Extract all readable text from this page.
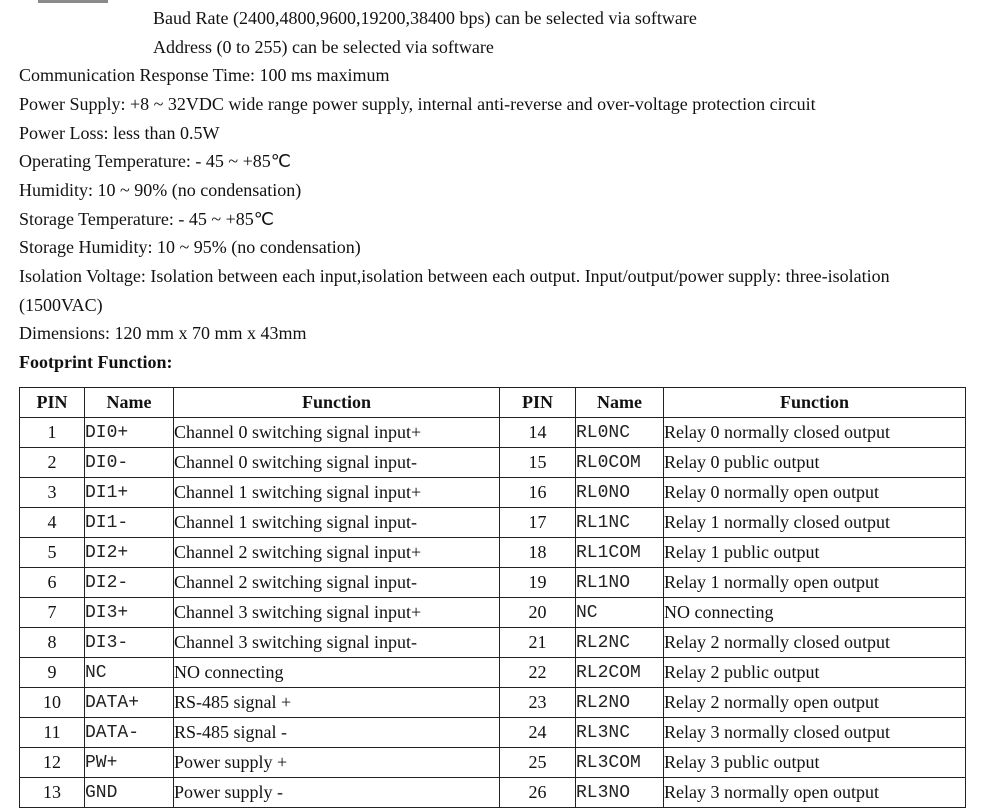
Baud Rate (2400,4800,9600,19200,38400 bps) can be selected via software
Address (0 to 255) can be selected via software
Communication Response Time: 100 ms maximum
Power Supply: +8 ~ 32VDC wide range power supply, internal anti-reverse and over-voltage protection circuit
Power Loss: less than 0.5W
Operating Temperature: - 45 ~ +85℃
Humidity: 10 ~ 90% (no condensation)
Storage Temperature: - 45 ~ +85℃
Storage Humidity: 10 ~ 95% (no condensation)
Isolation Voltage: Isolation between each input,isolation between each output. Input/output/power supply: three-isolation
(1500VAC)
Dimensions: 120 mm x 70 mm x 43mm
Footprint Function:
PIN	Name	Function	PIN	Name	Function
1	DI0+	Channel 0 switching signal input+	14	RL0NC	Relay 0 normally closed output
2	DI0-	Channel 0 switching signal input-	15	RL0COM	Relay 0 public output
3	DI1+	Channel 1 switching signal input+	16	RL0NO	Relay 0 normally open output
4	DI1-	Channel 1 switching signal input-	17	RL1NC	Relay 1 normally closed output
5	DI2+	Channel 2 switching signal input+	18	RL1COM	Relay 1 public output
6	DI2-	Channel 2 switching signal input-	19	RL1NO	Relay 1 normally open output
7	DI3+	Channel 3 switching signal input+	20	NC	NO connecting
8	DI3-	Channel 3 switching signal input-	21	RL2NC	Relay 2 normally closed output
9	NC	NO connecting	22	RL2COM	Relay 2 public output
10	DATA+	RS-485 signal +	23	RL2NO	Relay 2 normally open output
11	DATA-	RS-485 signal -	24	RL3NC	Relay 3 normally closed output
12	PW+	Power supply +	25	RL3COM	Relay 3 public output
13	GND	Power supply -	26	RL3NO	Relay 3 normally open output
